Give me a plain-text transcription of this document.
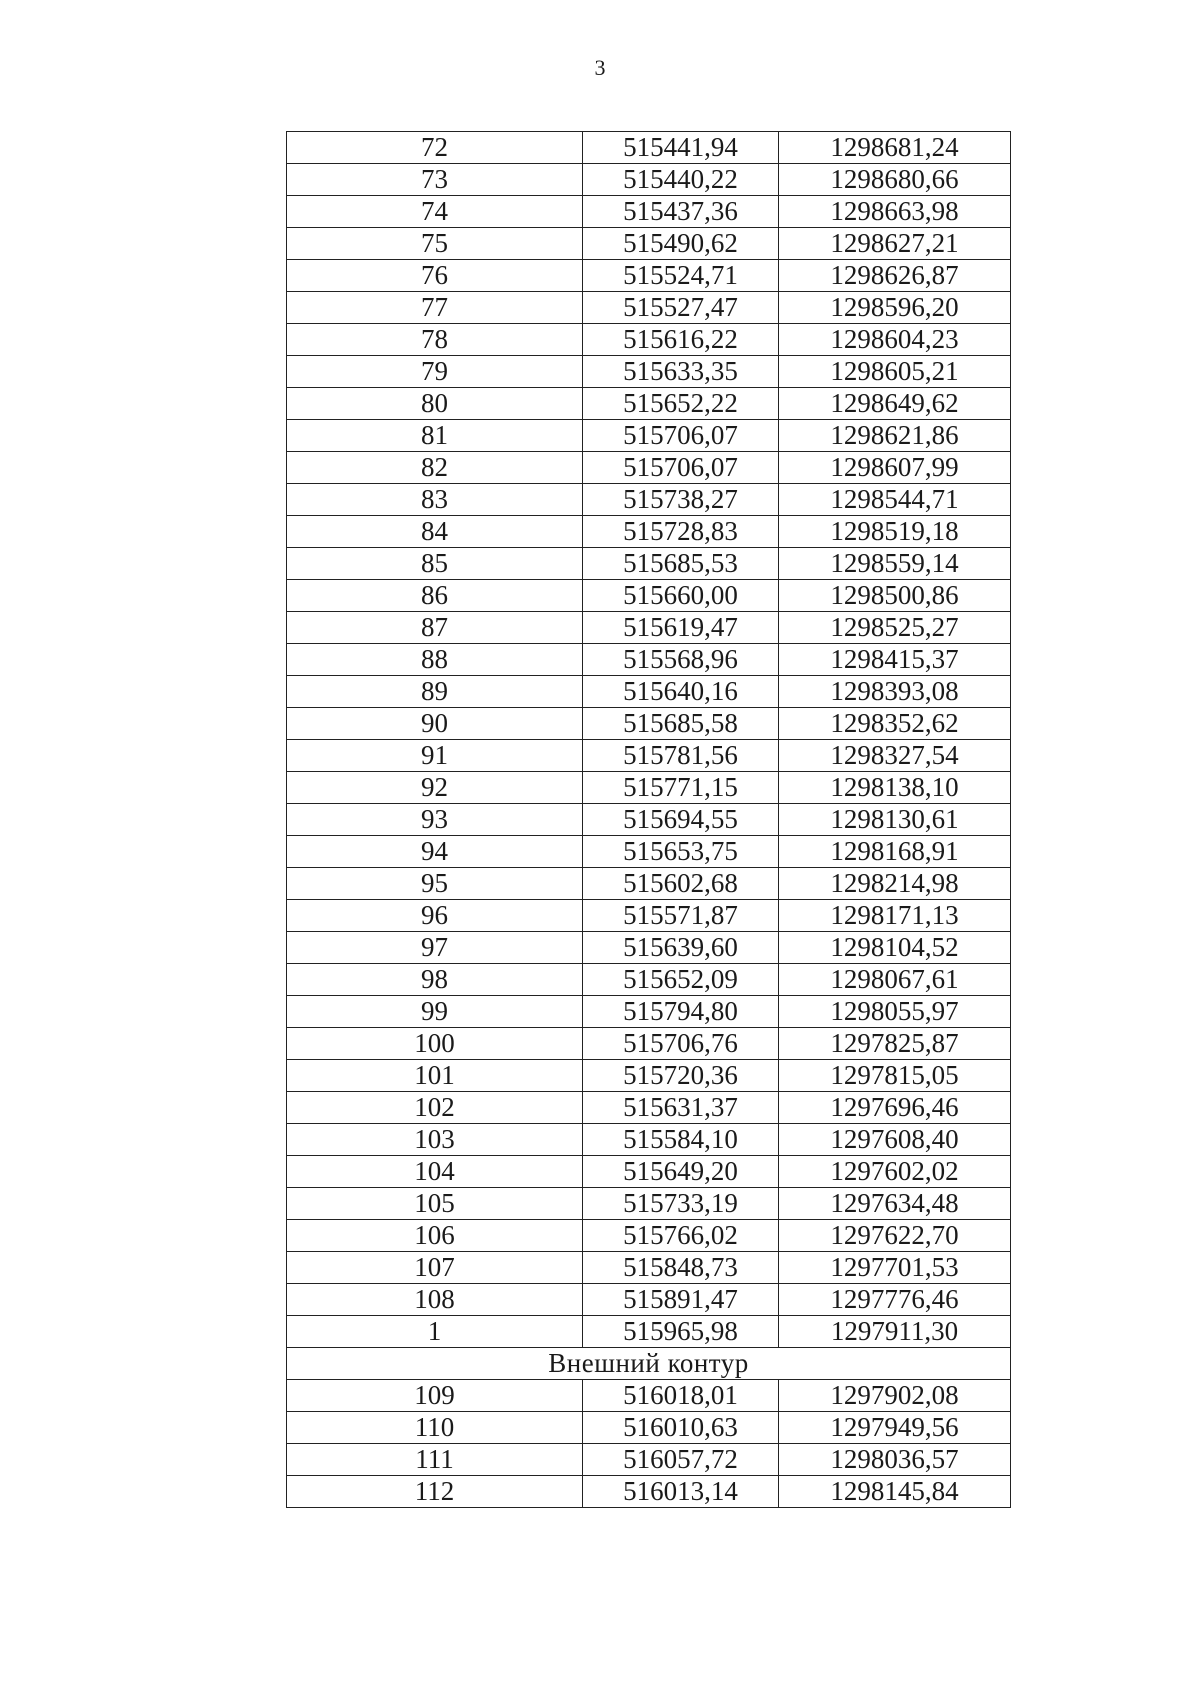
3
72	515441,94	1298681,24
73	515440,22	1298680,66
74	515437,36	1298663,98
75	515490,62	1298627,21
76	515524,71	1298626,87
77	515527,47	1298596,20
78	515616,22	1298604,23
79	515633,35	1298605,21
80	515652,22	1298649,62
81	515706,07	1298621,86
82	515706,07	1298607,99
83	515738,27	1298544,71
84	515728,83	1298519,18
85	515685,53	1298559,14
86	515660,00	1298500,86
87	515619,47	1298525,27
88	515568,96	1298415,37
89	515640,16	1298393,08
90	515685,58	1298352,62
91	515781,56	1298327,54
92	515771,15	1298138,10
93	515694,55	1298130,61
94	515653,75	1298168,91
95	515602,68	1298214,98
96	515571,87	1298171,13
97	515639,60	1298104,52
98	515652,09	1298067,61
99	515794,80	1298055,97
100	515706,76	1297825,87
101	515720,36	1297815,05
102	515631,37	1297696,46
103	515584,10	1297608,40
104	515649,20	1297602,02
105	515733,19	1297634,48
106	515766,02	1297622,70
107	515848,73	1297701,53
108	515891,47	1297776,46
1	515965,98	1297911,30
Внешний контур		
109	516018,01	1297902,08
110	516010,63	1297949,56
111	516057,72	1298036,57
112	516013,14	1298145,84
